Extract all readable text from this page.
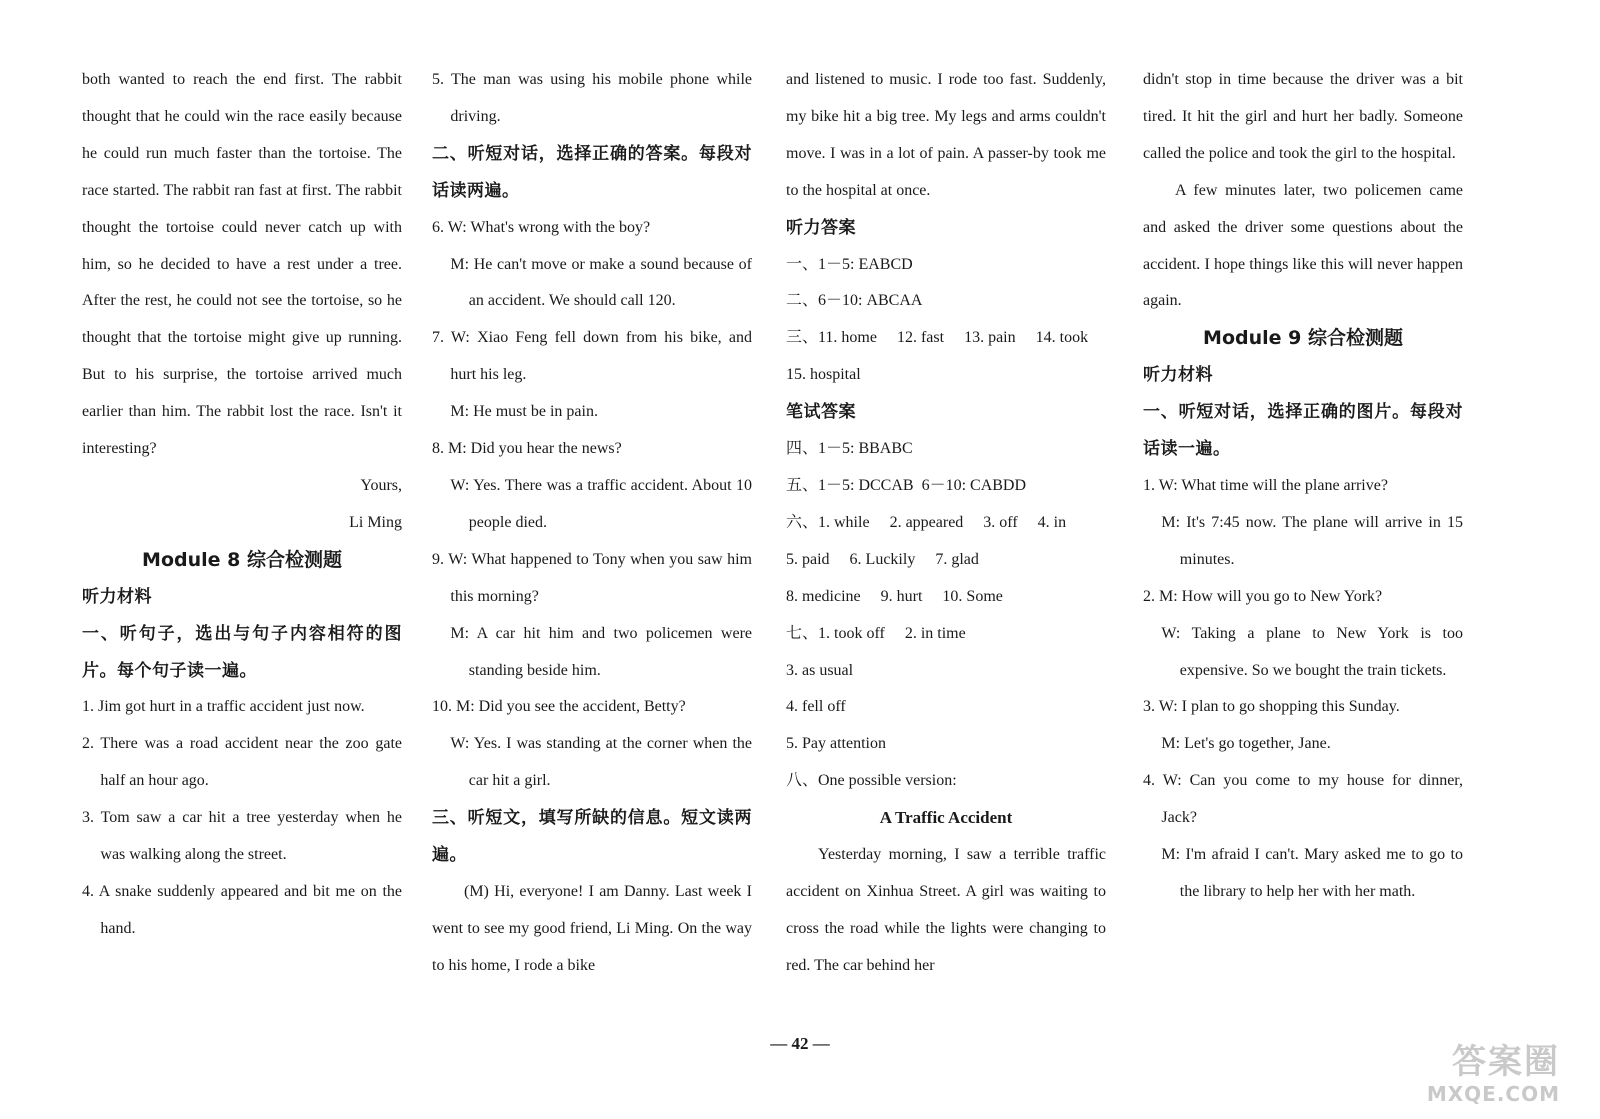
both wanted to reach the end first. The rabbit thought that he could win the race easily because he could run much faster than the tortoise. The race started. The rabbit ran fast at first. The rabbit thought the tortoise could never catch up with him, so he decided to have a rest under a tree. After the rest, he could not see the tortoise, so he thought that the tortoise might give up running. But to his surprise, the tortoise arrived much earlier than him. The rabbit lost the race. Isn't it interesting?

Yours,

Li Ming

Module 8 综合检测题

听力材料

一、听句子，选出与句子内容相符的图片。每个句子读一遍。

1. Jim got hurt in a traffic accident just now.

2. There was a road accident near the zoo gate half an hour ago.

3. Tom saw a car hit a tree yesterday when he was walking along the street.

4. A snake suddenly appeared and bit me on the hand.

5. The man was using his mobile phone while driving.

二、听短对话，选择正确的答案。每段对话读两遍。

6. W: What's wrong with the boy?

M: He can't move or make a sound because of an accident. We should call 120.

7. W: Xiao Feng fell down from his bike, and hurt his leg.

M: He must be in pain.

8. M: Did you hear the news?

W: Yes. There was a traffic accident. About 10 people died.

9. W: What happened to Tony when you saw him this morning?

M: A car hit him and two policemen were standing beside him.

10. M: Did you see the accident, Betty?

W: Yes. I was standing at the corner when the car hit a girl.

三、听短文，填写所缺的信息。短文读两遍。

(M) Hi, everyone! I am Danny. Last week I went to see my good friend, Li Ming. On the way to his home, I rode a bike

and listened to music. I rode too fast. Suddenly, my bike hit a big tree. My legs and arms couldn't move. I was in a lot of pain. A passer-by took me to the hospital at once.

听力答案

一、1－5: EABCD

二、6－10: ABCAA

三、11. home 12. fast 13. pain 14. took

15. hospital

笔试答案

四、1－5: BBABC

五、1－5: DCCAB  6－10: CABDD

六、1. while 2. appeared 3. off 4. in

5. paid 6. Luckily 7. glad

8. medicine 9. hurt 10. Some

七、1. took off 2. in time

3. as usual

4. fell off

5. Pay attention

八、One possible version:

A Traffic Accident

Yesterday morning, I saw a terrible traffic accident on Xinhua Street. A girl was waiting to cross the road while the lights were changing to red. The car behind her

didn't stop in time because the driver was a bit tired. It hit the girl and hurt her badly. Someone called the police and took the girl to the hospital.

A few minutes later, two policemen came and asked the driver some questions about the accident. I hope things like this will never happen again.

Module 9 综合检测题

听力材料

一、听短对话，选择正确的图片。每段对话读一遍。

1. W: What time will the plane arrive?

M: It's 7:45 now. The plane will arrive in 15 minutes.

2. M: How will you go to New York?

W: Taking a plane to New York is too expensive. So we bought the train tickets.

3. W: I plan to go shopping this Sunday.

M: Let's go together, Jane.

4. W: Can you come to my house for dinner, Jack?

M: I'm afraid I can't. Mary asked me to go to the library to help her with her math.

— 42 —	答案圈
MXQE.COM
